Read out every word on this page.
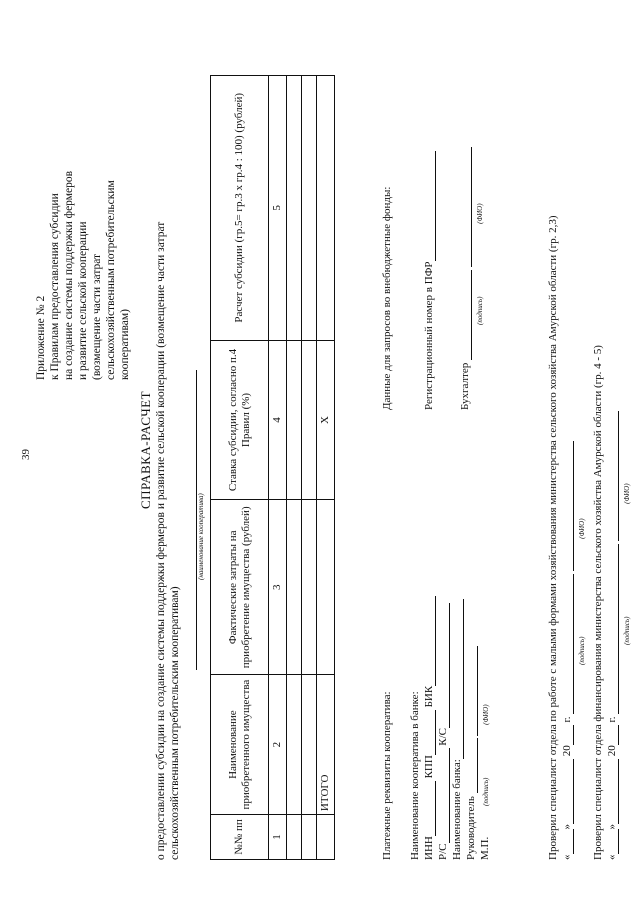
39
Приложение № 2 к Правилам предоставления субсидии на создание системы поддержки фермеров и развитие сельской кооперации (возмещение части затрат сельскохозяйственным потребительским кооперативам)
СПРАВКА-РАСЧЕТ о предоставлении субсидии на создание системы поддержки фермеров и развитие сельской кооперации (возмещение части затрат сельскохозяйственным потребительским кооперативам)
(наименование кооператива)
№№ пп	Наименование приобретенного имущества	Фактические затраты на приобретение имущества (рублей)	Ставка субсидии, согласно п.4 Правил (%)	Расчет субсидии (гр.5= гр.3 х гр.4 : 100) (рублей)
1	2	3	4	5

	ИТОГО		Х	
Платежные реквизиты кооператива: Наименование кооператива в банке: ИНН КПП БИК
Р/С К/С
Наименование банка: Руководитель М.П. (подпись) (ФИО)
Данные для запросов во внебюджетные фонды:	Регистрационный номер в ПФР Бухгалтер
(подпись) (ФИО)
Проверил специалист отдела по работе с малыми формами хозяйствования министерства сельского хозяйства Амурской области (гр. 2,3) «» 20 г.
(подпись) (ФИО) Проверил специалист отдела финансирования министерства сельского хозяйства Амурской области (гр. 4 - 5) «» 20 г.
(подпись) (ФИО)
